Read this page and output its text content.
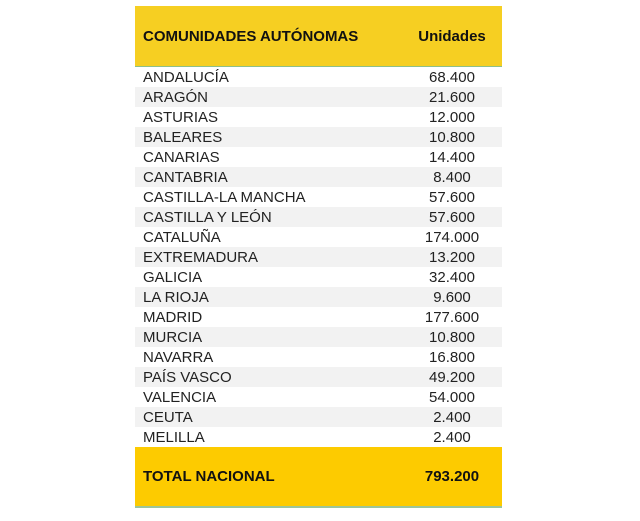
COMUNIDADES AUTÓNOMAS	Unidades
ANDALUCÍA	68.400
ARAGÓN	21.600
ASTURIAS	12.000
BALEARES	10.800
CANARIAS	14.400
CANTABRIA	8.400
CASTILLA-LA MANCHA	57.600
CASTILLA Y LEÓN	57.600
CATALUÑA	174.000
EXTREMADURA	13.200
GALICIA	32.400
LA RIOJA	9.600
MADRID	177.600
MURCIA	10.800
NAVARRA	16.800
PAÍS VASCO	49.200
VALENCIA	54.000
CEUTA	2.400
MELILLA	2.400
TOTAL NACIONAL	793.200
